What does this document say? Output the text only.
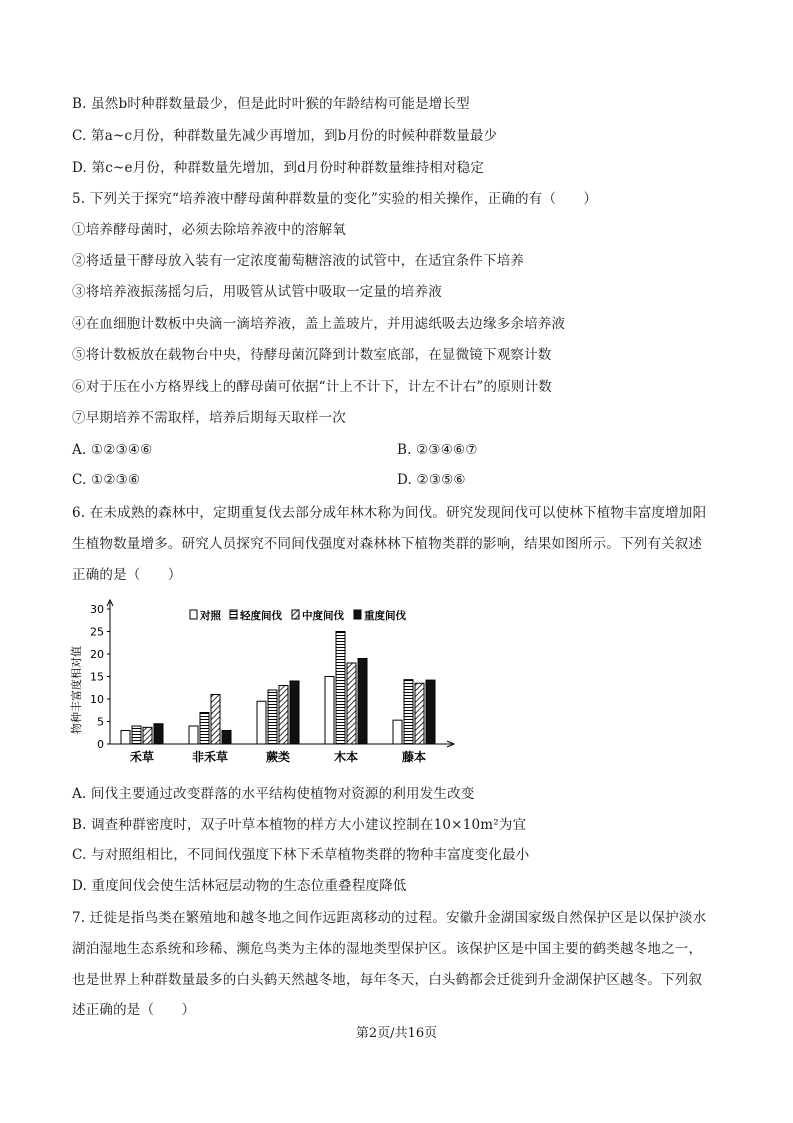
B. 虽然b时种群数量最少，但是此时叶猴的年龄结构可能是增长型
C. 第a~c月份，种群数量先减少再增加，到b月份的时候种群数量最少
D. 第c~e月份，种群数量先增加，到d月份时种群数量维持相对稳定
5. 下列关于探究“培养液中酵母菌种群数量的变化”实验的相关操作，正确的有（　　）
①培养酵母菌时，必须去除培养液中的溶解氧
②将适量干酵母放入装有一定浓度葡萄糖溶液的试管中，在适宜条件下培养
③将培养液振荡摇匀后，用吸管从试管中吸取一定量的培养液
④在血细胞计数板中央滴一滴培养液，盖上盖玻片，并用滤纸吸去边缘多余培养液
⑤将计数板放在载物台中央，待酵母菌沉降到计数室底部，在显微镜下观察计数
⑥对于压在小方格界线上的酵母菌可依据“计上不计下，计左不计右”的原则计数
⑦早期培养不需取样，培养后期每天取样一次
A. ①②③④⑥	B. ②③④⑥⑦
C. ①②③⑥	D. ②③⑤⑥
6. 在未成熟的森林中，定期重复伐去部分成年林木称为间伐。研究发现间伐可以使林下植物丰富度增加阳
生植物数量增多。研究人员探究不同间伐强度对森林林下植物类群的影响，结果如图所示。下列有关叙述
正确的是（　　）
物种丰富度相对值
0
5
10
15
20
25
30
禾草	非禾草	蕨类	木本	藤本
对照 轻度间伐 中度间伐 重度间伐
A. 间伐主要通过改变群落的水平结构使植物对资源的利用发生改变
B. 调查种群密度时，双子叶草本植物的样方大小建议控制在10×10m²为宜
C. 与对照组相比，不同间伐强度下林下禾草植物类群的物种丰富度变化最小
D. 重度间伐会使生活林冠层动物的生态位重叠程度降低
7. 迁徙是指鸟类在繁殖地和越冬地之间作远距离移动的过程。安徽升金湖国家级自然保护区是以保护淡水
湖泊湿地生态系统和珍稀、濒危鸟类为主体的湿地类型保护区。该保护区是中国主要的鹤类越冬地之一，
也是世界上种群数量最多的白头鹤天然越冬地，每年冬天，白头鹤都会迁徙到升金湖保护区越冬。下列叙
述正确的是（　　）
第2页/共16页
